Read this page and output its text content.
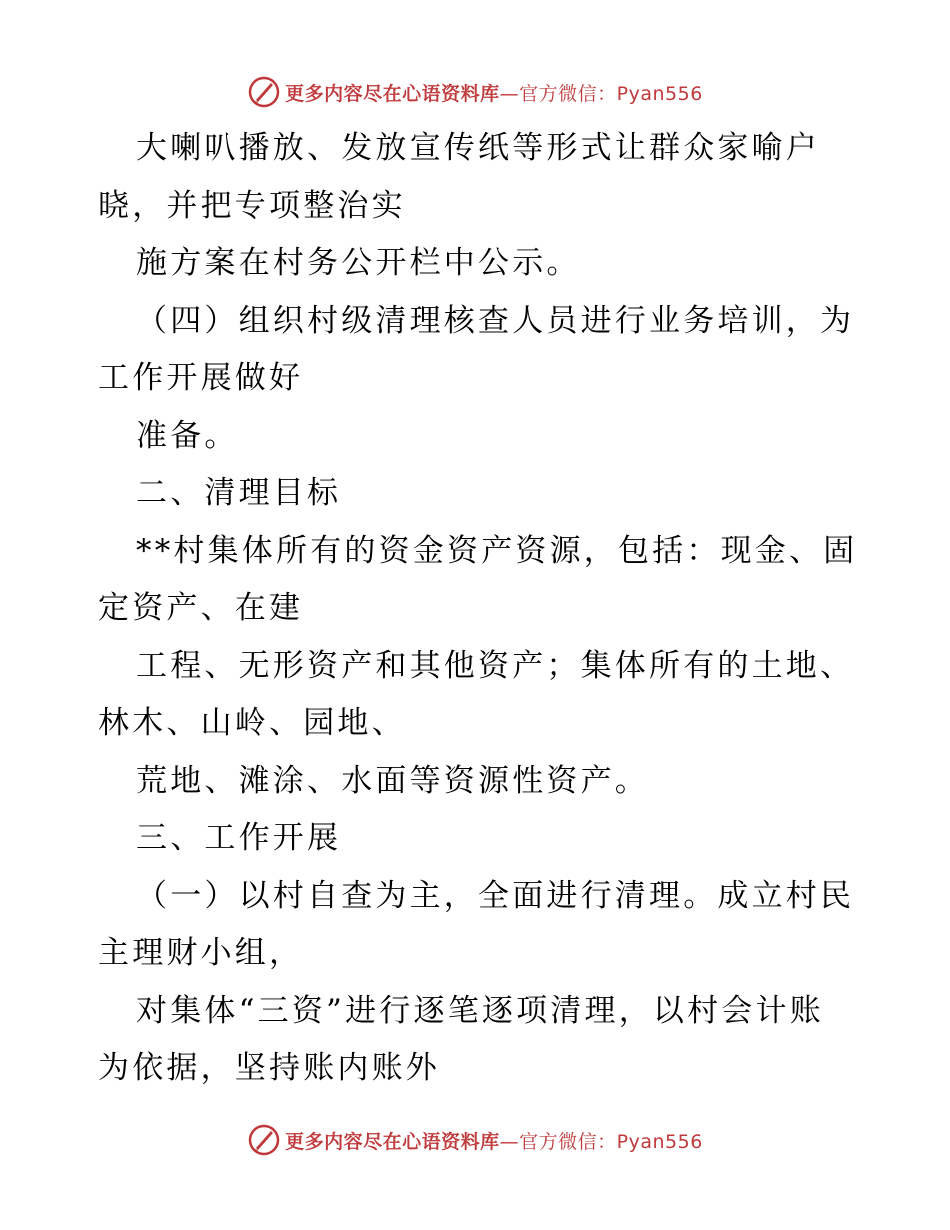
更多内容尽在心语资料库—官方微信：Pyan556
大喇叭播放、发放宣传纸等形式让群众家喻户
晓，并把专项整治实
施方案在村务公开栏中公示。
（四）组织村级清理核查人员进行业务培训，为
工作开展做好
准备。
二、清理目标
**村集体所有的资金资产资源，包括：现金、固
定资产、在建
工程、无形资产和其他资产；集体所有的土地、
林木、山岭、园地、
荒地、滩涂、水面等资源性资产。
三、工作开展
（一）以村自查为主，全面进行清理。成立村民
主理财小组，
对集体“三资”进行逐笔逐项清理，以村会计账
为依据，坚持账内账外
更多内容尽在心语资料库—官方微信：Pyan556
